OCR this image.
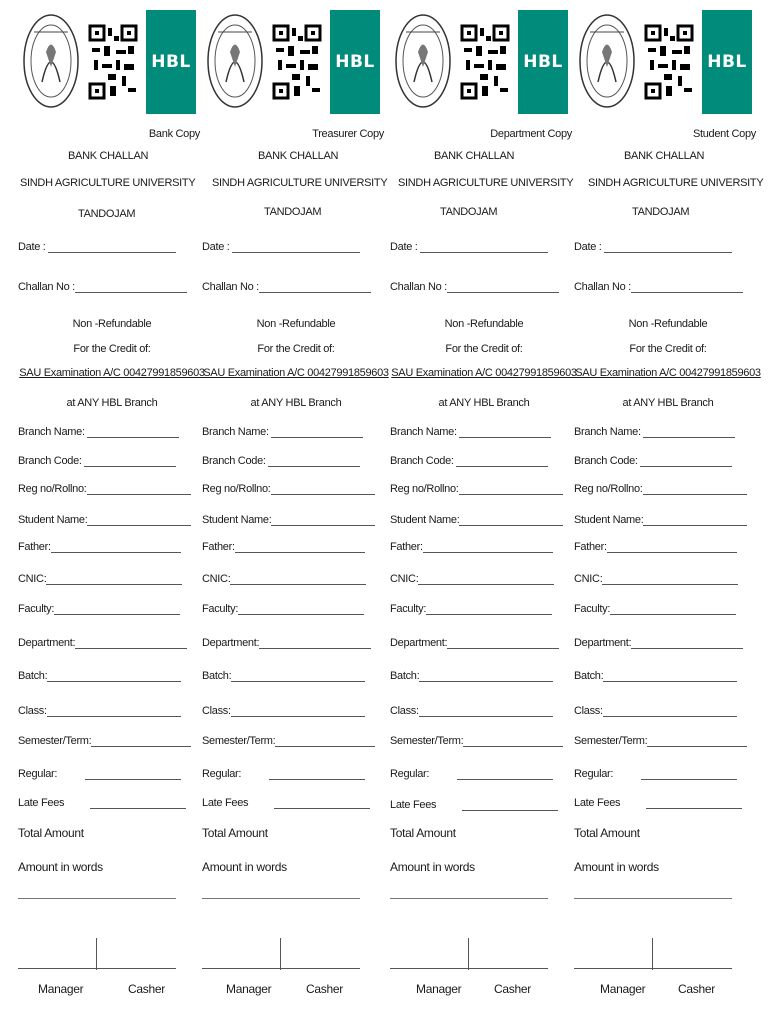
HBL
Bank Copy
BANK CHALLAN
SINDH AGRICULTURE UNIVERSITY
TANDOJAM
Date :
Challan No :
Non -Refundable
For the Credit of:
SAU Examination A/C 00427991859603
at ANY HBL Branch
Branch Name:
Branch Code:
Reg no/Rollno:
Student Name:
Father:
CNIC:
Faculty:
Department:
Batch:
Class:
Semester/Term:
Regular:
Late Fees
Total Amount
Amount in words
Manager	Casher
HBL
Treasurer Copy
BANK CHALLAN
SINDH AGRICULTURE UNIVERSITY
TANDOJAM
Date :
Challan No :
Non -Refundable
For the Credit of:
SAU Examination A/C 00427991859603
at ANY HBL Branch
Branch Name:
Branch Code:
Reg no/Rollno:
Student Name:
Father:
CNIC:
Faculty:
Department:
Batch:
Class:
Semester/Term:
Regular:
Late Fees
Total Amount
Amount in words
Manager	Casher
HBL
Department Copy
BANK CHALLAN
SINDH AGRICULTURE UNIVERSITY
TANDOJAM
Date :
Challan No :
Non -Refundable
For the Credit of:
SAU Examination A/C 00427991859603
at ANY HBL Branch
Branch Name:
Branch Code:
Reg no/Rollno:
Student Name:
Father:
CNIC:
Faculty:
Department:
Batch:
Class:
Semester/Term:
Regular:
Late Fees
Total Amount
Amount in words
Manager	Casher
HBL
Student Copy
BANK CHALLAN
SINDH AGRICULTURE UNIVERSITY
TANDOJAM
Date :
Challan No :
Non -Refundable
For the Credit of:
SAU Examination A/C 00427991859603
at ANY HBL Branch
Branch Name:
Branch Code:
Reg no/Rollno:
Student Name:
Father:
CNIC:
Faculty:
Department:
Batch:
Class:
Semester/Term:
Regular:
Late Fees
Total Amount
Amount in words
Manager	Casher
